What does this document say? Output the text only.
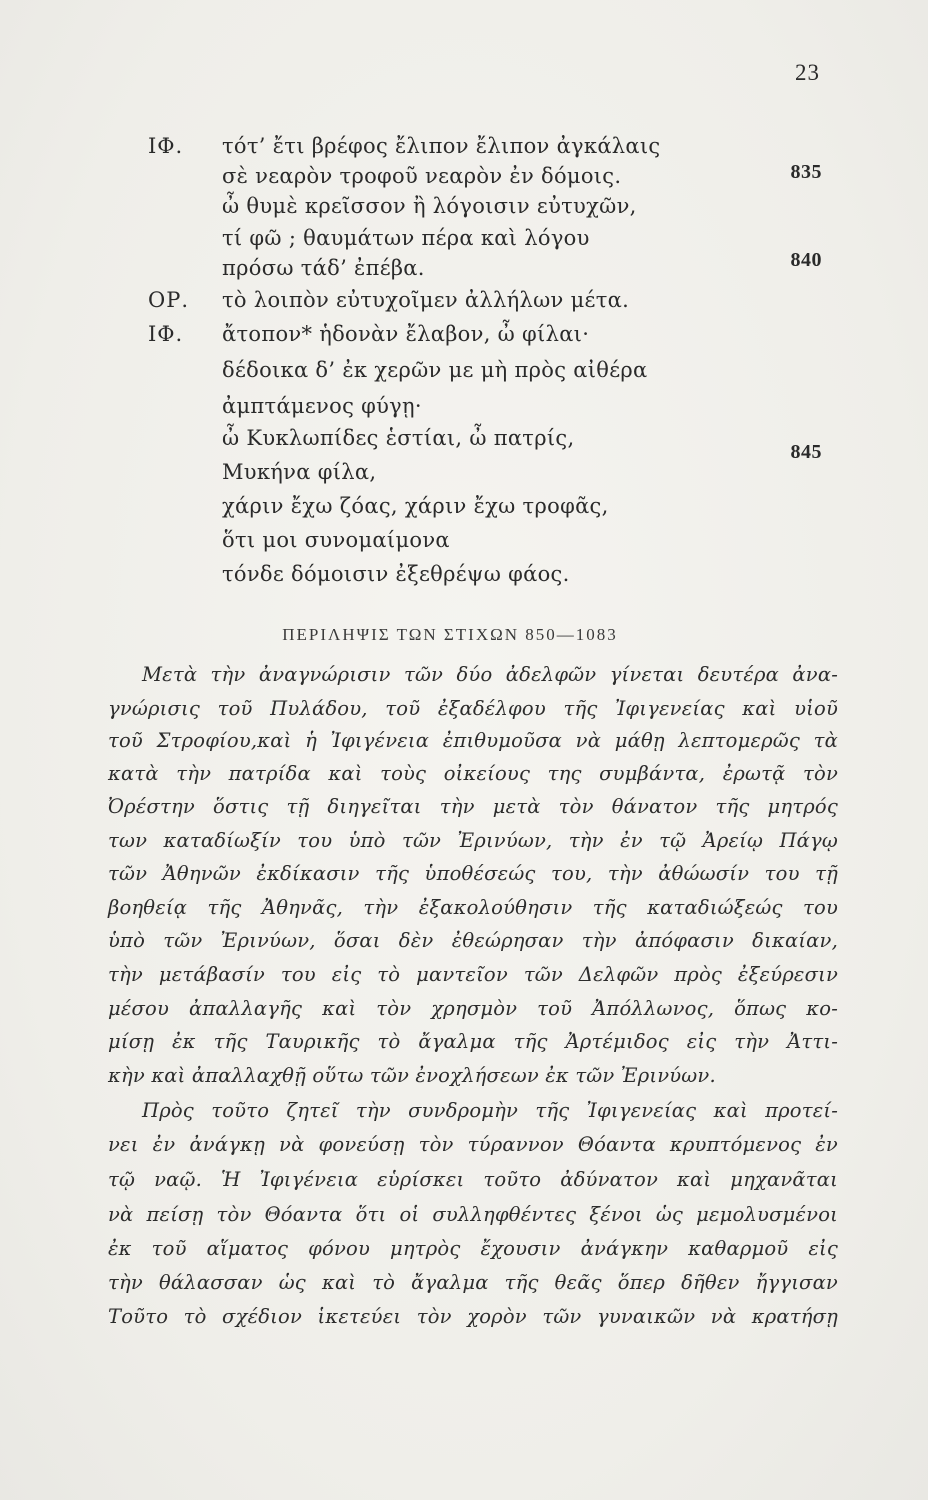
23
ΙΦ. τότ’ ἔτι βρέφος ἔλιπον ἔλιπον ἀγκάλαις
σὲ νεαρὸν τροφοῦ νεαρὸν ἐν δόμοις.	835
ὦ θυμὲ κρεῖσσον ἢ λόγοισιν εὐτυχῶν,
τί φῶ ; θαυμάτων πέρα καὶ λόγου
πρόσω τάδ’ ἐπέβα.	840
ΟΡ. τὸ λοιπὸν εὐτυχοῖμεν ἀλλήλων μέτα.
ΙΦ. ἄτοπον* ἡδονὰν ἔλαβον, ὦ φίλαι·
δέδοικα δ’ ἐκ χερῶν με μὴ πρὸς αἰθέρα
ἀμπτάμενος φύγῃ·
ὦ Κυκλωπίδες ἑστίαι, ὦ πατρίς,
845
Μυκήνα φίλα,
χάριν ἔχω ζόας, χάριν ἔχω τροφᾶς,
ὅτι μοι συνομαίμονα
τόνδε δόμοισιν ἐξεθρέψω φάος.
ΠΕΡΙΛΗΨΙΣ ΤΩΝ ΣΤΙΧΩΝ 850—1083
Μετὰ τὴν ἀναγνώρισιν τῶν δύο ἀδελφῶν γίνεται δευτέρα ἀνα-
γνώρισις τοῦ Πυλάδου, τοῦ ἐξαδέλφου τῆς Ἰφιγενείας καὶ υἱοῦ
τοῦ Στροφίου,καὶ ἡ Ἰφιγένεια ἐπιθυμοῦσα νὰ μάθῃ λεπτομερῶς τὰ
κατὰ τὴν πατρίδα καὶ τοὺς οἰκείους της συμβάντα, ἐρωτᾷ τὸν
Ὀρέστην ὅστις τῇ διηγεῖται τὴν μετὰ τὸν θάνατον τῆς μητρός
των καταδίωξίν του ὑπὸ τῶν Ἐρινύων, τὴν ἐν τῷ Ἀρείῳ Πάγῳ
τῶν Ἀθηνῶν ἐκδίκασιν τῆς ὑποθέσεώς του, τὴν ἀθώωσίν του τῇ
βοηθείᾳ τῆς Ἀθηνᾶς, τὴν ἐξακολούθησιν τῆς καταδιώξεώς του
ὑπὸ τῶν Ἐρινύων, ὅσαι δὲν ἐθεώρησαν τὴν ἀπόφασιν δικαίαν,
τὴν μετάβασίν του εἰς τὸ μαντεῖον τῶν Δελφῶν πρὸς ἐξεύρεσιν
μέσου ἀπαλλαγῆς καὶ τὸν χρησμὸν τοῦ Ἀπόλλωνος, ὅπως κο-
μίσῃ ἐκ τῆς Ταυρικῆς τὸ ἄγαλμα τῆς Ἀρτέμιδος εἰς τὴν Ἀττι-
κὴν καὶ ἀπαλλαχθῇ οὕτω τῶν ἐνοχλήσεων ἐκ τῶν Ἐρινύων.
Πρὸς τοῦτο ζητεῖ τὴν συνδρομὴν τῆς Ἰφιγενείας καὶ προτεί-
νει ἐν ἀνάγκῃ νὰ φονεύσῃ τὸν τύραννον Θόαντα κρυπτόμενος ἐν
τῷ ναῷ. Ἡ Ἰφιγένεια εὑρίσκει τοῦτο ἀδύνατον καὶ μηχανᾶται
νὰ πείσῃ τὸν Θόαντα ὅτι οἱ συλληφθέντες ξένοι ὡς μεμολυσμένοι
ἐκ τοῦ αἵματος φόνου μητρὸς ἔχουσιν ἀνάγκην καθαρμοῦ εἰς
τὴν θάλασσαν ὡς καὶ τὸ ἄγαλμα τῆς θεᾶς ὅπερ δῆθεν ἤγγισαν
Τοῦτο τὸ σχέδιον ἱκετεύει τὸν χορὸν τῶν γυναικῶν νὰ κρατήσῃ
